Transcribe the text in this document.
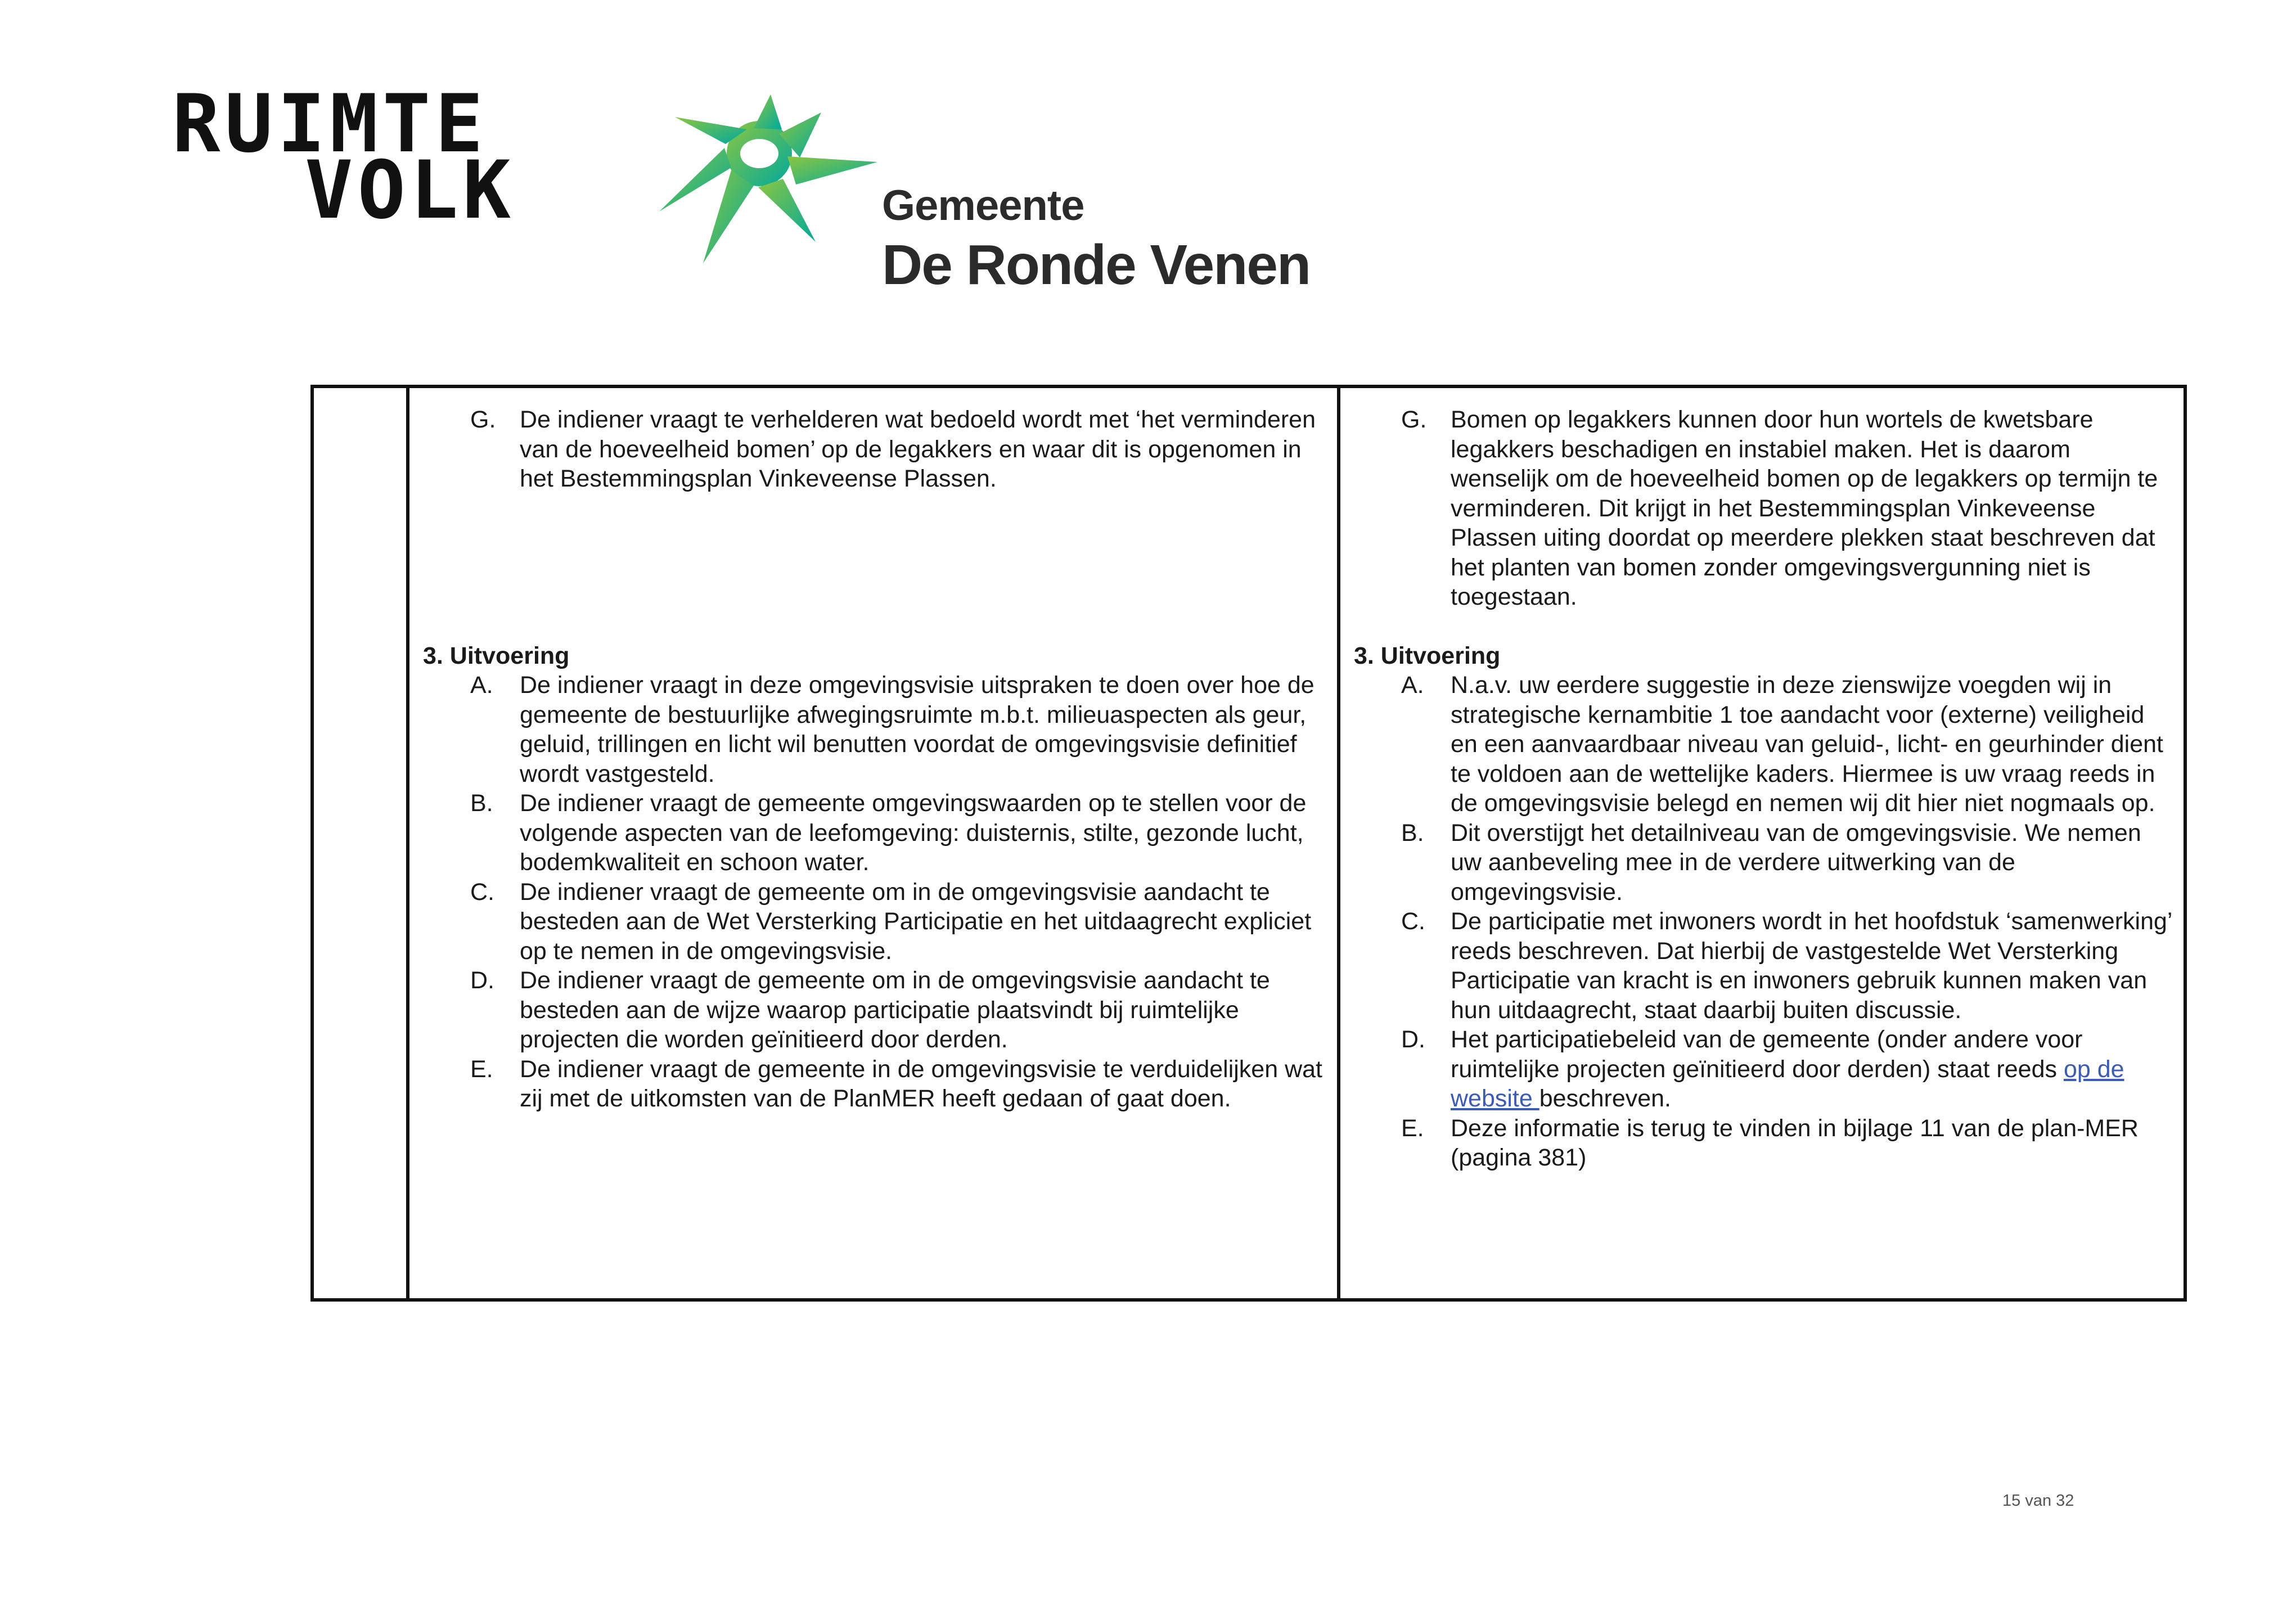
RUIMTE
VOLK	Gemeente
De Ronde Venen

G. De indiener vraagt te verhelderen wat bedoeld wordt met ‘het verminderen van de hoeveelheid bomen’ op de legakkers en waar dit is opgenomen in het Bestemmingsplan Vinkeveense Plassen.

3. Uitvoering

A.	De indiener vraagt in deze omgevingsvisie uitspraken te doen over hoe de gemeente de bestuurlijke afwegingsruimte m.b.t. milieuaspecten als geur, geluid, trillingen en licht wil benutten voordat de omgevingsvisie definitief wordt vastgesteld.
B.	De indiener vraagt de gemeente omgevingswaarden op te stellen voor de volgende aspecten van de leefomgeving: duisternis, stilte, gezonde lucht, bodemkwaliteit en schoon water.
C.	De indiener vraagt de gemeente om in de omgevingsvisie aandacht te besteden aan de Wet Versterking Participatie en het uitdaagrecht expliciet op te nemen in de omgevingsvisie.
D.	De indiener vraagt de gemeente om in de omgevingsvisie aandacht te besteden aan de wijze waarop participatie plaatsvindt bij ruimtelijke projecten die worden geïnitieerd door derden.
E.	De indiener vraagt de gemeente in de omgevingsvisie te verduidelijken wat zij met de uitkomsten van de PlanMER heeft gedaan of gaat doen.

G. Bomen op legakkers kunnen door hun wortels de kwetsbare legakkers beschadigen en instabiel maken. Het is daarom wenselijk om de hoeveelheid bomen op de legakkers op termijn te verminderen. Dit krijgt in het Bestemmingsplan Vinkeveense Plassen uiting doordat op meerdere plekken staat beschreven dat het planten van bomen zonder omgevingsvergunning niet is toegestaan.

3. Uitvoering

A.	N.a.v. uw eerdere suggestie in deze zienswijze voegden wij in strategische kernambitie 1 toe aandacht voor (externe) veiligheid en een aanvaardbaar niveau van geluid-, licht- en geurhinder dient te voldoen aan de wettelijke kaders. Hiermee is uw vraag reeds in de omgevingsvisie belegd en nemen wij dit hier niet nogmaals op.
B.	Dit overstijgt het detailniveau van de omgevingsvisie. We nemen uw aanbeveling mee in de verdere uitwerking van de omgevingsvisie.
C.	De participatie met inwoners wordt in het hoofdstuk ‘samenwerking’ reeds beschreven. Dat hierbij de vastgestelde Wet Versterking Participatie van kracht is en inwoners gebruik kunnen maken van hun uitdaagrecht, staat daarbij buiten discussie.
D.	Het participatiebeleid van de gemeente (onder andere voor ruimtelijke projecten geïnitieerd door derden) staat reeds op de website beschreven.
E.	Deze informatie is terug te vinden in bijlage 11 van de plan-MER (pagina 381)
15 van 32
